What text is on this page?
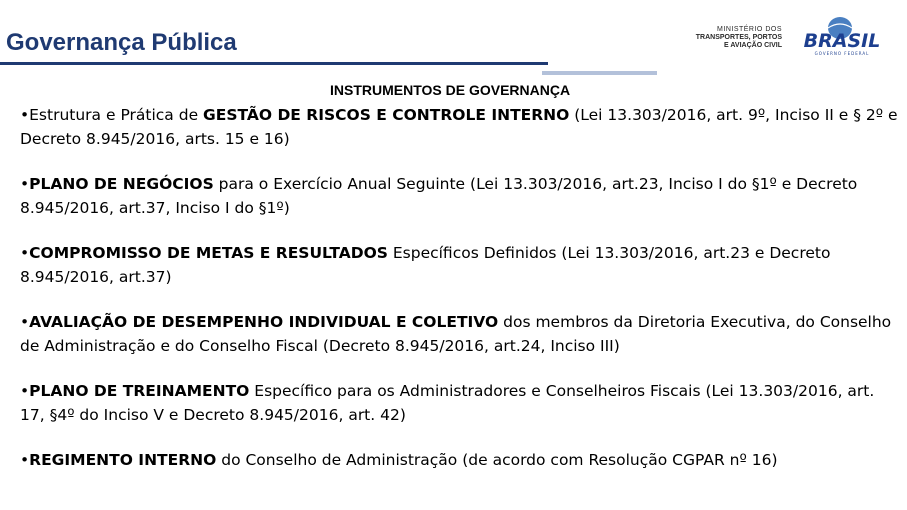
Governança Pública	MINISTÉRIO DOS
TRANSPORTES, PORTOS
E AVIAÇÃO CIVIL BRASIL
GOVERNO FEDERAL
INSTRUMENTOS DE GOVERNANÇA
•Estrutura e Prática de GESTÃO DE RISCOS E CONTROLE INTERNO (Lei 13.303/2016, art. 9º, Inciso II e § 2º e Decreto 8.945/2016, arts. 15 e 16)
•PLANO DE NEGÓCIOS para o Exercício Anual Seguinte (Lei 13.303/2016, art.23, Inciso I do §1º e Decreto 8.945/2016, art.37, Inciso I do §1º)
•COMPROMISSO DE METAS E RESULTADOS Específicos Definidos (Lei 13.303/2016, art.23 e Decreto 8.945/2016, art.37)
•AVALIAÇÃO DE DESEMPENHO INDIVIDUAL E COLETIVO dos membros da Diretoria Executiva, do Conselho de Administração e do Conselho Fiscal (Decreto 8.945/2016, art.24, Inciso III)
•PLANO DE TREINAMENTO Específico para os Administradores e Conselheiros Fiscais (Lei 13.303/2016, art. 17, §4º do Inciso V e Decreto 8.945/2016, art. 42)
•REGIMENTO INTERNO do Conselho de Administração (de acordo com Resolução CGPAR nº 16)
